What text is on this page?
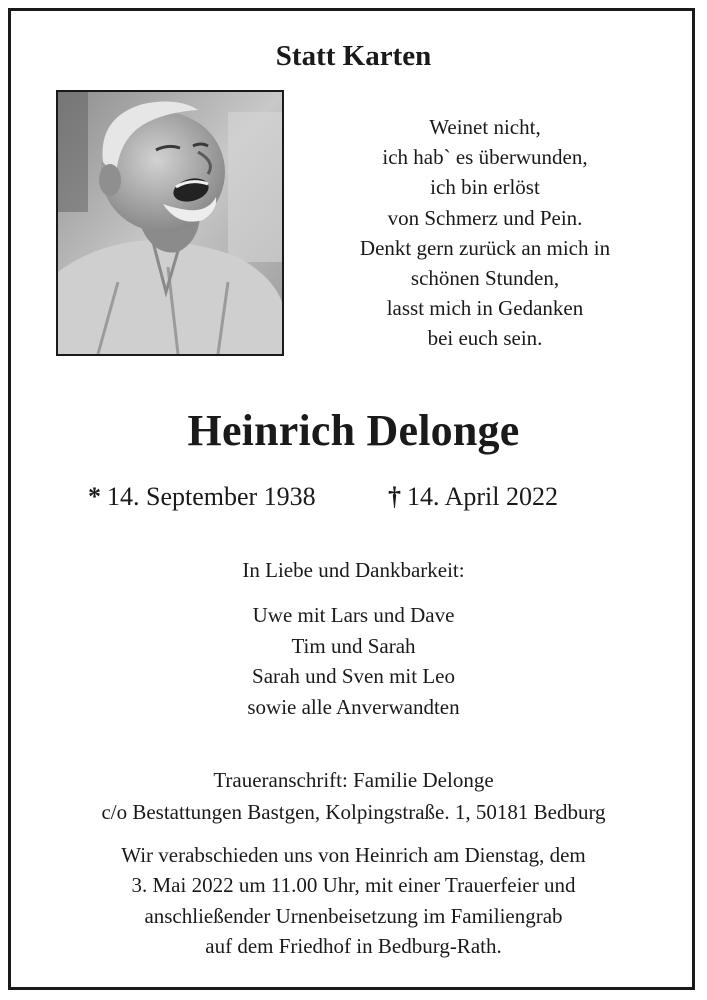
Statt Karten
Weinet nicht,
ich hab` es überwunden,
ich bin erlöst
von Schmerz und Pein.
Denkt gern zurück an mich in
schönen Stunden,
lasst mich in Gedanken
bei euch sein.
Heinrich Delonge
* 14. September 1938	† 14. April 2022
In Liebe und Dankbarkeit:
Uwe mit Lars und Dave
Tim und Sarah
Sarah und Sven mit Leo
sowie alle Anverwandten
Traueranschrift: Familie Delonge
c/o Bestattungen Bastgen, Kolpingstraße. 1, 50181 Bedburg
Wir verabschieden uns von Heinrich am Dienstag, dem
3. Mai 2022 um 11.00 Uhr, mit einer Trauerfeier und
anschließender Urnenbeisetzung im Familiengrab
auf dem Friedhof in Bedburg-Rath.
